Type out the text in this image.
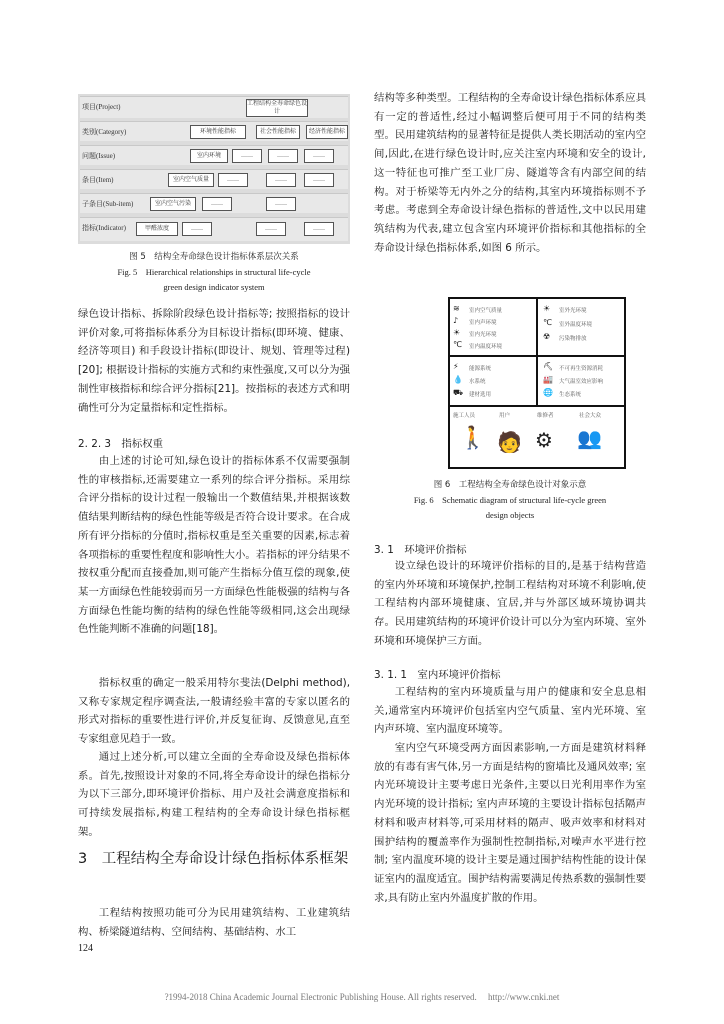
项目(Project)	工程结构全寿命绿色设计
类别(Category)	环境性能指标	社会性能指标	经济性能指标
问题(Issue)	室内环境	……	……	……
条目(Item)	室内空气质量	……	……	……
子条目(Sub-item)	室内空气污染	……	……
指标(Indicator)	甲醛浓度	……	……	……
图 5　结构全寿命绿色设计指标体系层次关系
Fig. 5　Hierarchical relationships in structural life-cycle
green design indicator system
绿色设计指标、拆除阶段绿色设计指标等; 按照指标的设计评价对象,可将指标体系分为目标设计指标(即环境、健康、经济等项目) 和手段设计指标(即设计、规划、管理等过程)[20]; 根据设计指标的实施方式和约束性强度,又可以分为强制性审核指标和综合评分指标[21]。按指标的表述方式和明确性可分为定量指标和定性指标。
2. 2. 3　指标权重
由上述的讨论可知,绿色设计的指标体系不仅需要强制性的审核指标,还需要建立一系列的综合评分指标。采用综合评分指标的设计过程一般输出一个数值结果,并根据该数值结果判断结构的绿色性能等级是否符合设计要求。在合成所有评分指标的分值时,指标权重是至关重要的因素,标志着各项指标的重要性程度和影响性大小。若指标的评分结果不按权重分配而直接叠加,则可能产生指标分值互偿的现象,使某一方面绿色性能较弱而另一方面绿色性能极强的结构与各方面绿色性能均衡的结构的绿色性能等级相同,这会出现绿色性能判断不准确的问题[18]。
指标权重的确定一般采用特尔斐法(Delphi method),又称专家规定程序调查法,一般请经验丰富的专家以匿名的形式对指标的重要性进行评价,并反复征询、反馈意见,直至专家组意见趋于一致。
通过上述分析,可以建立全面的全寿命设及绿色指标体系。首先,按照设计对象的不同,将全寿命设计的绿色指标分为以下三部分,即环境评价指标、用户及社会满意度指标和可持续发展指标,构建工程结构的全寿命设计绿色指标框架。
3　工程结构全寿命设计绿色指标体系框架
工程结构按照功能可分为民用建筑结构、工业建筑结构、桥梁隧道结构、空间结构、基础结构、水工
124
结构等多种类型。工程结构的全寿命设计绿色指标体系应具有一定的普适性,经过小幅调整后便可用于不同的结构类型。民用建筑结构的显著特征是提供人类长期活动的室内空间,因此,在进行绿色设计时,应关注室内环境和安全的设计,这一特征也可推广至工业厂房、隧道等含有内部空间的结构。对于桥梁等无内外之分的结构,其室内环境指标则不予考虑。考虑到全寿命设计绿色指标的普适性,文中以民用建筑结构为代表,建立包含室内环境评价指标和其他指标的全寿命设计绿色指标体系,如图 6 所示。
≋ 室内空气质量
♪ 室内声环境
☀ 室内光环境
℃ 室内温度环境
☀ 室外光环境
℃ 室外温度环境
☢ 污染物排放
⚡ 能源系统
💧 水系统
⛟ 建材选用
⛏ 不可再生资源消耗
🏭 大气温室效应影响
🌐 生态系统
施工人员	用户	维修者	社会大众
🚶 🧑 ⚙ 👥
图 6　工程结构全寿命绿色设计对象示意
Fig. 6　Schematic diagram of structural life-cycle green
design objects
3. 1　环境评价指标
设立绿色设计的环境评价指标的目的,是基于结构营造的室内外环境和环境保护,控制工程结构对环境不利影响,使工程结构内部环境健康、宜居,并与外部区域环境协调共存。民用建筑结构的环境评价设计可以分为室内环境、室外环境和环境保护三方面。
3. 1. 1　室内环境评价指标
工程结构的室内环境质量与用户的健康和安全息息相关,通常室内环境评价包括室内空气质量、室内光环境、室内声环境、室内温度环境等。
室内空气环境受两方面因素影响,一方面是建筑材料释放的有毒有害气体,另一方面是结构的窗墙比及通风效率; 室内光环境设计主要考虑日光条件,主要以日光利用率作为室内光环境的设计指标; 室内声环境的主要设计指标包括隔声材料和吸声材料等,可采用材料的隔声、吸声效率和材料对围护结构的覆盖率作为强制性控制指标,对噪声水平进行控制; 室内温度环境的设计主要是通过围护结构性能的设计保证室内的温度适宜。围护结构需要满足传热系数的强制性要求,具有防止室内外温度扩散的作用。
?1994-2018 China Academic Journal Electronic Publishing House. All rights reserved.　 http://www.cnki.net
